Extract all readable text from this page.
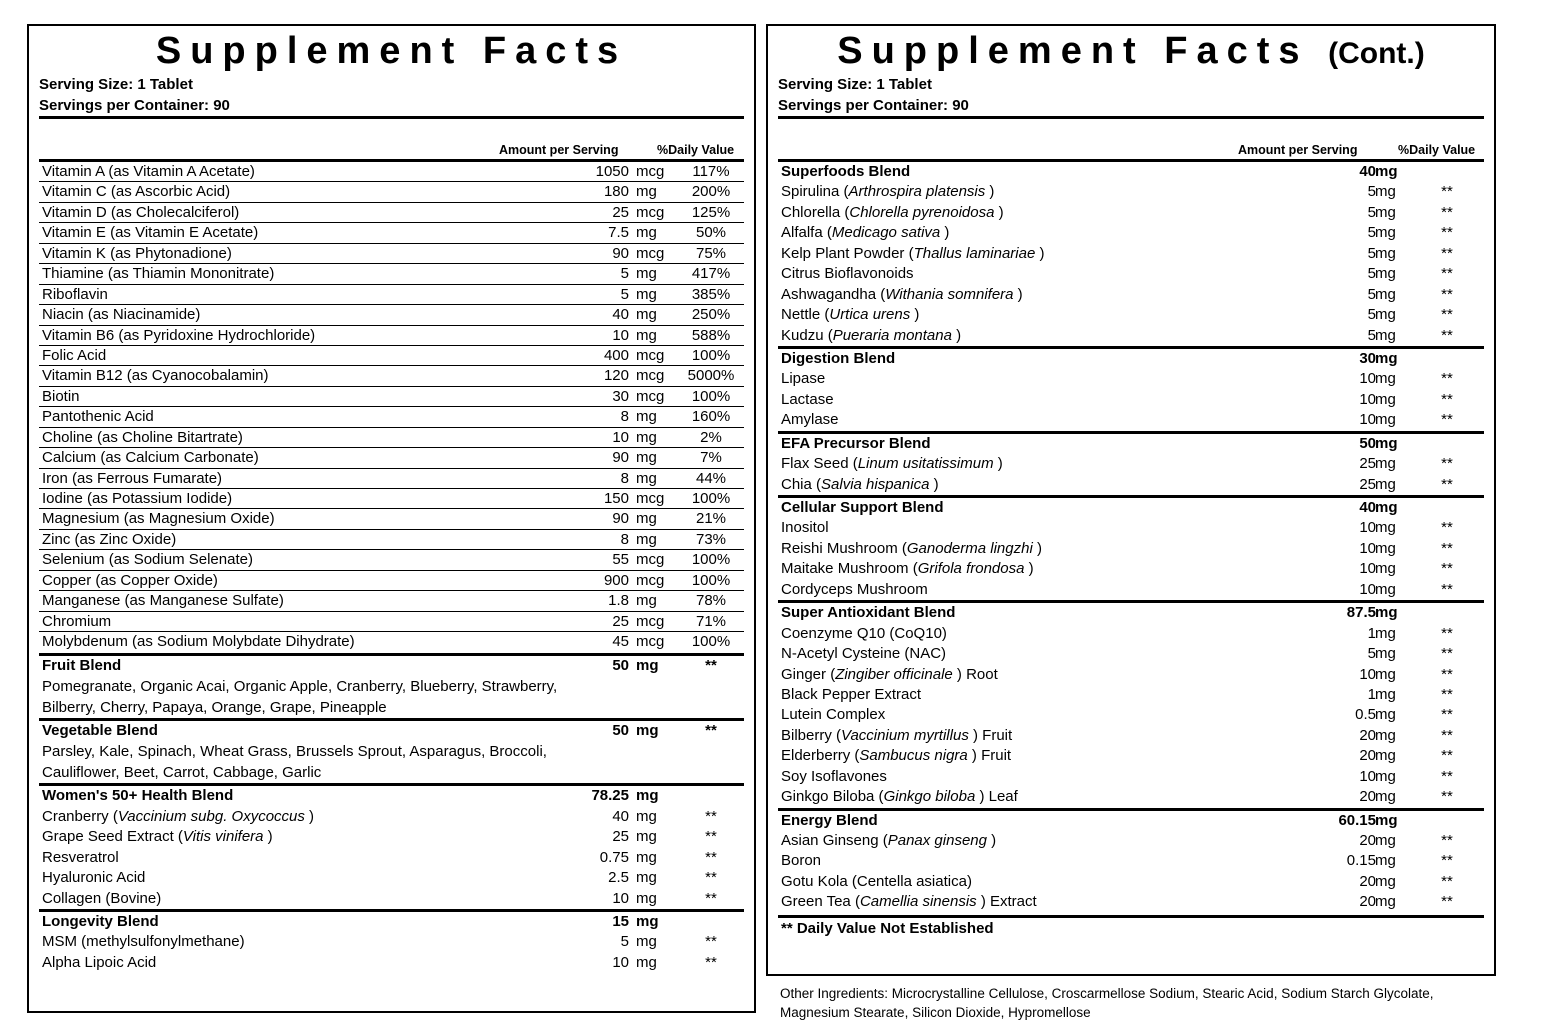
Supplement Facts
Serving Size: 1 Tablet
Servings per Container: 90
Amount per Serving	%Daily Value
Vitamin A (as Vitamin A Acetate)	1050 mcg	117%
Vitamin C (as Ascorbic Acid)	180 mg	200%
Vitamin D (as Cholecalciferol)	25 mcg	125%
Vitamin E (as Vitamin E Acetate)	7.5 mg	50%
Vitamin K (as Phytonadione)	90 mcg	75%
Thiamine (as Thiamin Mononitrate)	5 mg	417%
Riboflavin	5 mg	385%
Niacin (as Niacinamide)	40 mg	250%
Vitamin B6 (as Pyridoxine Hydrochloride)	10 mg	588%
Folic Acid	400 mcg	100%
Vitamin B12 (as Cyanocobalamin)	120 mcg	5000%
Biotin	30 mcg	100%
Pantothenic Acid	8 mg	160%
Choline (as Choline Bitartrate)	10 mg	2%
Calcium (as Calcium Carbonate)	90 mg	7%
Iron (as Ferrous Fumarate)	8 mg	44%
Iodine (as Potassium Iodide)	150 mcg	100%
Magnesium (as Magnesium Oxide)	90 mg	21%
Zinc (as Zinc Oxide)	8 mg	73%
Selenium (as Sodium Selenate)	55 mcg	100%
Copper (as Copper Oxide)	900 mcg	100%
Manganese (as Manganese Sulfate)	1.8 mg	78%
Chromium	25 mcg	71%
Molybdenum (as Sodium Molybdate Dihydrate)	45 mcg	100%
Fruit Blend	50 mg	**
Pomegranate, Organic Acai, Organic Apple, Cranberry, Blueberry, Strawberry,
Bilberry, Cherry, Papaya, Orange, Grape, Pineapple
Vegetable Blend	50 mg	**
Parsley, Kale, Spinach, Wheat Grass, Brussels Sprout, Asparagus, Broccoli,
Cauliflower, Beet, Carrot, Cabbage, Garlic
Women's 50+ Health Blend	78.25 mg
Cranberry (Vaccinium subg. Oxycoccus )	40 mg	**
Grape Seed Extract (Vitis vinifera )	25 mg	**
Resveratrol	0.75 mg	**
Hyaluronic Acid	2.5 mg	**
Collagen (Bovine)	10 mg	**
Longevity Blend	15 mg
MSM (methylsulfonylmethane)	5 mg	**
Alpha Lipoic Acid	10 mg	**
Supplement Facts (Cont.)
Serving Size: 1 Tablet
Servings per Container: 90
Amount per Serving	%Daily Value
Superfoods Blend	40 mg
Spirulina (Arthrospira platensis )	5 mg	**
Chlorella (Chlorella pyrenoidosa )	5 mg	**
Alfalfa (Medicago sativa )	5 mg	**
Kelp Plant Powder (Thallus laminariae )	5 mg	**
Citrus Bioflavonoids	5 mg	**
Ashwagandha (Withania somnifera )	5 mg	**
Nettle (Urtica urens )	5 mg	**
Kudzu (Pueraria montana )	5 mg	**
Digestion Blend	30 mg
Lipase	10 mg	**
Lactase	10 mg	**
Amylase	10 mg	**
EFA Precursor Blend	50 mg
Flax Seed (Linum usitatissimum )	25 mg	**
Chia (Salvia hispanica )	25 mg	**
Cellular Support Blend	40 mg
Inositol	10 mg	**
Reishi Mushroom (Ganoderma lingzhi )	10 mg	**
Maitake Mushroom (Grifola frondosa )	10 mg	**
Cordyceps Mushroom	10 mg	**
Super Antioxidant Blend	87.5 mg
Coenzyme Q10 (CoQ10)	1 mg	**
N-Acetyl Cysteine (NAC)	5 mg	**
Ginger (Zingiber officinale ) Root	10 mg	**
Black Pepper Extract	1 mg	**
Lutein Complex	0.5 mg	**
Bilberry (Vaccinium myrtillus ) Fruit	20 mg	**
Elderberry (Sambucus nigra ) Fruit	20 mg	**
Soy Isoflavones	10 mg	**
Ginkgo Biloba (Ginkgo biloba ) Leaf	20 mg	**
Energy Blend	60.15 mg
Asian Ginseng (Panax ginseng )	20 mg	**
Boron	0.15 mg	**
Gotu Kola (Centella asiatica)	20 mg	**
Green Tea (Camellia sinensis ) Extract	20 mg	**
** Daily Value Not Established
Other Ingredients: Microcrystalline Cellulose, Croscarmellose Sodium, Stearic Acid, Sodium Starch Glycolate, Magnesium Stearate, Silicon Dioxide, Hypromellose
